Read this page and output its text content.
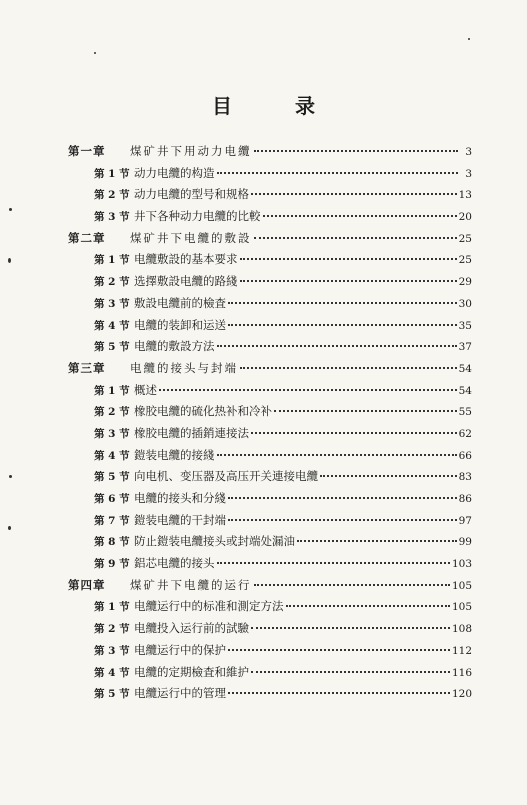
目 录
第一章	煤矿井下用动力电纜	3
第 1 节 动力电纜的构造	3
第 2 节 动力电纜的型号和规格	13
第 3 节 井下各种动力电纜的比較	20
第二章	煤矿井下电纜的敷設	25
第 1 节 电纜敷設的基本要求	25
第 2 节 选擇敷設电纜的路綫	29
第 3 节 敷設电纜前的檢査	30
第 4 节 电纜的装卸和运送	35
第 5 节 电纜的敷設方法	37
第三章	电纜的接头与封端	54
第 1 节 概述	54
第 2 节 橡胶电纜的硫化热补和冷补	55
第 3 节 橡胶电纜的插銷連接法	62
第 4 节 鎧装电纜的接綫	66
第 5 节 向电机、变压器及高压开关連接电纜	83
第 6 节 电纜的接头和分綫	86
第 7 节 鎧装电纜的干封端	97
第 8 节 防止鎧装电纜接头或封端处漏油	99
第 9 节 鋁芯电纜的接头	103
第四章	煤矿井下电纜的运行	105
第 1 节 电纜运行中的标准和測定方法	105
第 2 节 电纜投入运行前的試驗	108
第 3 节 电纜运行中的保护	112
第 4 节 电纜的定期檢査和維护	116
第 5 节 电纜运行中的管理	120
